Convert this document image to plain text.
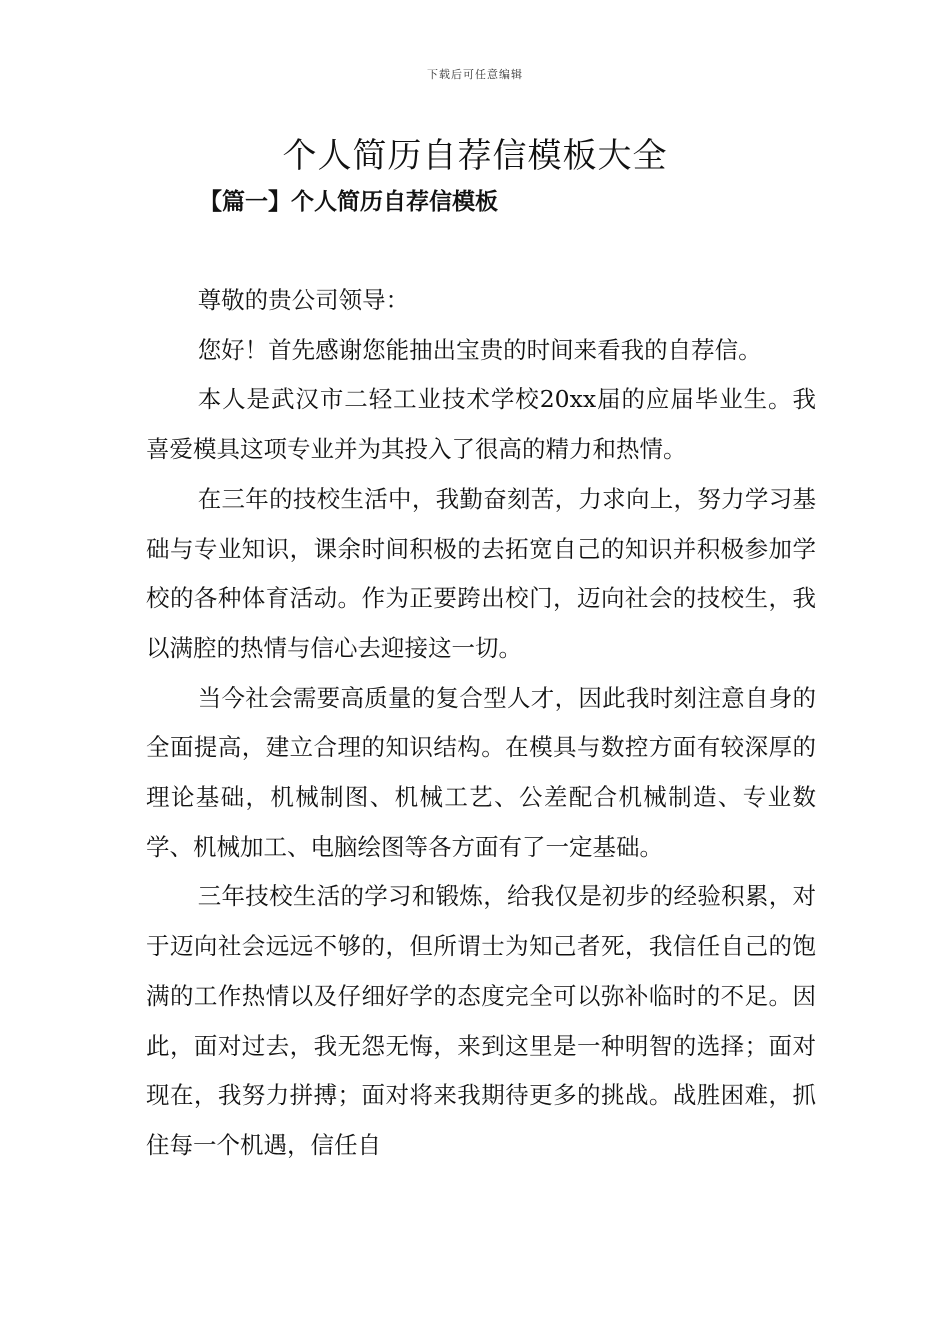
下载后可任意编辑
个人简历自荐信模板大全
【篇一】个人简历自荐信模板

尊敬的贵公司领导：

您好！首先感谢您能抽出宝贵的时间来看我的自荐信。

本人是武汉市二轻工业技术学校20xx届的应届毕业生。我喜爱模具这项专业并为其投入了很高的精力和热情。

在三年的技校生活中，我勤奋刻苦，力求向上，努力学习基础与专业知识，课余时间积极的去拓宽自己的知识并积极参加学校的各种体育活动。作为正要跨出校门，迈向社会的技校生，我以满腔的热情与信心去迎接这一切。

当今社会需要高质量的复合型人才，因此我时刻注意自身的全面提高，建立合理的知识结构。在模具与数控方面有较深厚的理论基础，机械制图、机械工艺、公差配合机械制造、专业数学、机械加工、电脑绘图等各方面有了一定基础。

三年技校生活的学习和锻炼，给我仅是初步的经验积累，对于迈向社会远远不够的，但所谓士为知己者死，我信任自己的饱满的工作热情以及仔细好学的态度完全可以弥补临时的不足。因此，面对过去，我无怨无悔，来到这里是一种明智的选择；面对现在，我努力拼搏；面对将来我期待更多的挑战。战胜困难，抓住每一个机遇，信任自
